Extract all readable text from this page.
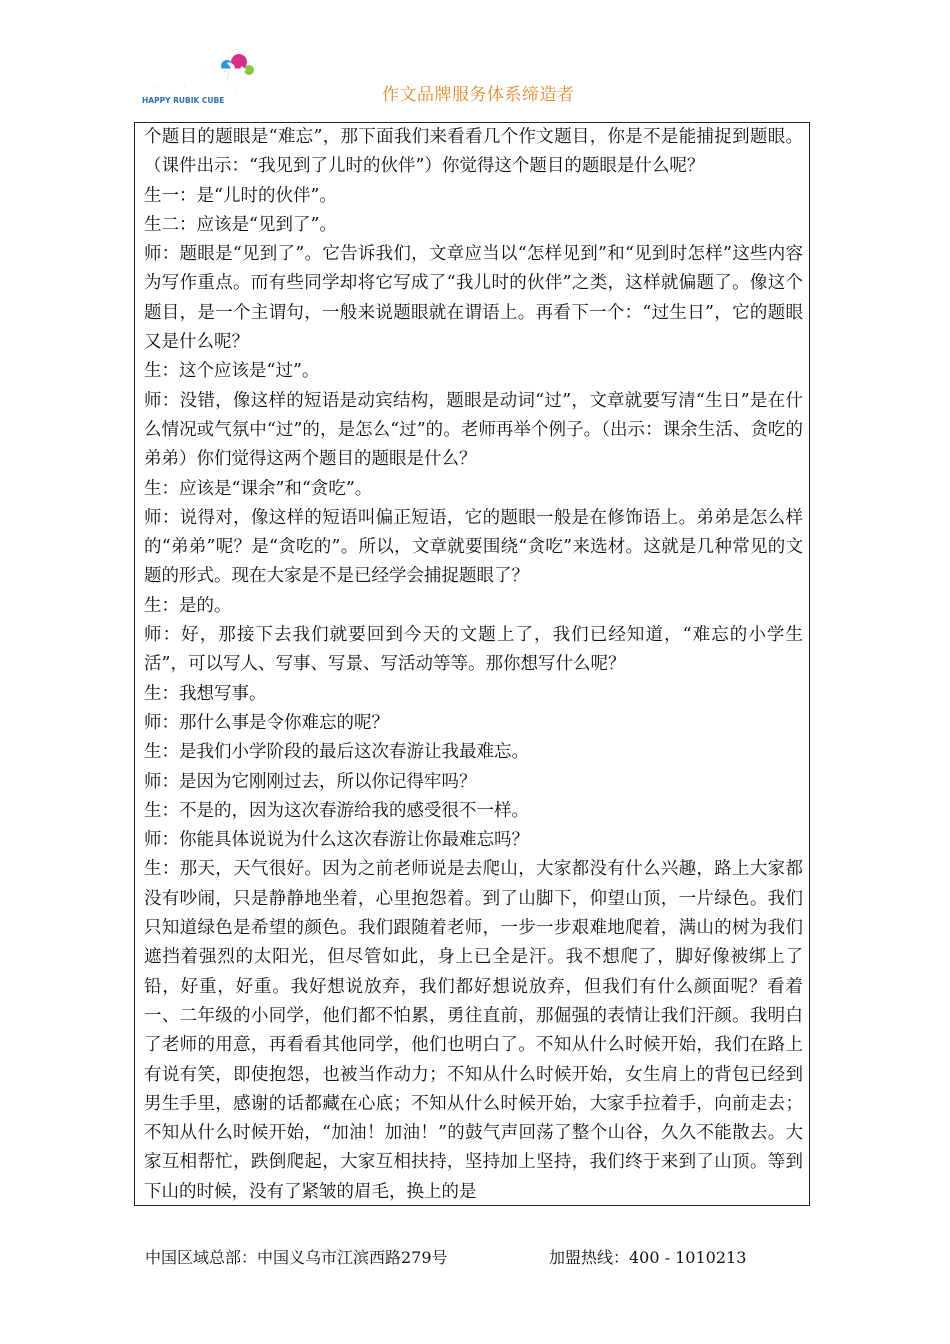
快乐魔方
HAPPY RUBIK CUBE	作文品牌服务体系缔造者

个题目的题眼是“难忘”，那下面我们来看看几个作文题目，你是不是能捕捉到题眼。（课件出示：“我见到了儿时的伙伴”）你觉得这个题目的题眼是什么呢？

生一：是“儿时的伙伴”。

生二：应该是“见到了”。

师：题眼是“见到了”。它告诉我们，文章应当以“怎样见到”和“见到时怎样”这些内容为写作重点。而有些同学却将它写成了“我儿时的伙伴”之类，这样就偏题了。像这个题目，是一个主谓句，一般来说题眼就在谓语上。再看下一个：“过生日”，它的题眼又是什么呢？

生：这个应该是“过”。

师：没错，像这样的短语是动宾结构，题眼是动词“过”，文章就要写清“生日”是在什么情况或气氛中“过”的，是怎么“过”的。老师再举个例子。（出示：课余生活、贪吃的弟弟）你们觉得这两个题目的题眼是什么？

生：应该是“课余”和“贪吃”。

师：说得对，像这样的短语叫偏正短语，它的题眼一般是在修饰语上。弟弟是怎么样的“弟弟”呢？是“贪吃的”。所以，文章就要围绕“贪吃”来选材。这就是几种常见的文题的形式。现在大家是不是已经学会捕捉题眼了？

生：是的。

师：好，那接下去我们就要回到今天的文题上了，我们已经知道，“难忘的小学生活”，可以写人、写事、写景、写活动等等。那你想写什么呢？

生：我想写事。

师：那什么事是令你难忘的呢？

生：是我们小学阶段的最后这次春游让我最难忘。

师：是因为它刚刚过去，所以你记得牢吗？

生：不是的，因为这次春游给我的感受很不一样。

师：你能具体说说为什么这次春游让你最难忘吗？

生：那天，天气很好。因为之前老师说是去爬山，大家都没有什么兴趣，路上大家都没有吵闹，只是静静地坐着，心里抱怨着。到了山脚下，仰望山顶，一片绿色。我们只知道绿色是希望的颜色。我们跟随着老师，一步一步艰难地爬着，满山的树为我们遮挡着强烈的太阳光，但尽管如此，身上已全是汗。我不想爬了，脚好像被绑上了铅，好重，好重。我好想说放弃，我们都好想说放弃，但我们有什么颜面呢？看着一、二年级的小同学，他们都不怕累，勇往直前，那倔强的表情让我们汗颜。我明白了老师的用意，再看看其他同学，他们也明白了。不知从什么时候开始，我们在路上有说有笑，即使抱怨，也被当作动力；不知从什么时候开始，女生肩上的背包已经到男生手里，感谢的话都藏在心底；不知从什么时候开始，大家手拉着手，向前走去；不知从什么时候开始，“加油！加油！”的鼓气声回荡了整个山谷，久久不能散去。大家互相帮忙，跌倒爬起，大家互相扶持，坚持加上坚持，我们终于来到了山顶。等到下山的时候，没有了紧皱的眉毛，换上的是

中国区域总部：中国义乌市江滨西路279号	加盟热线：400 - 1010213
